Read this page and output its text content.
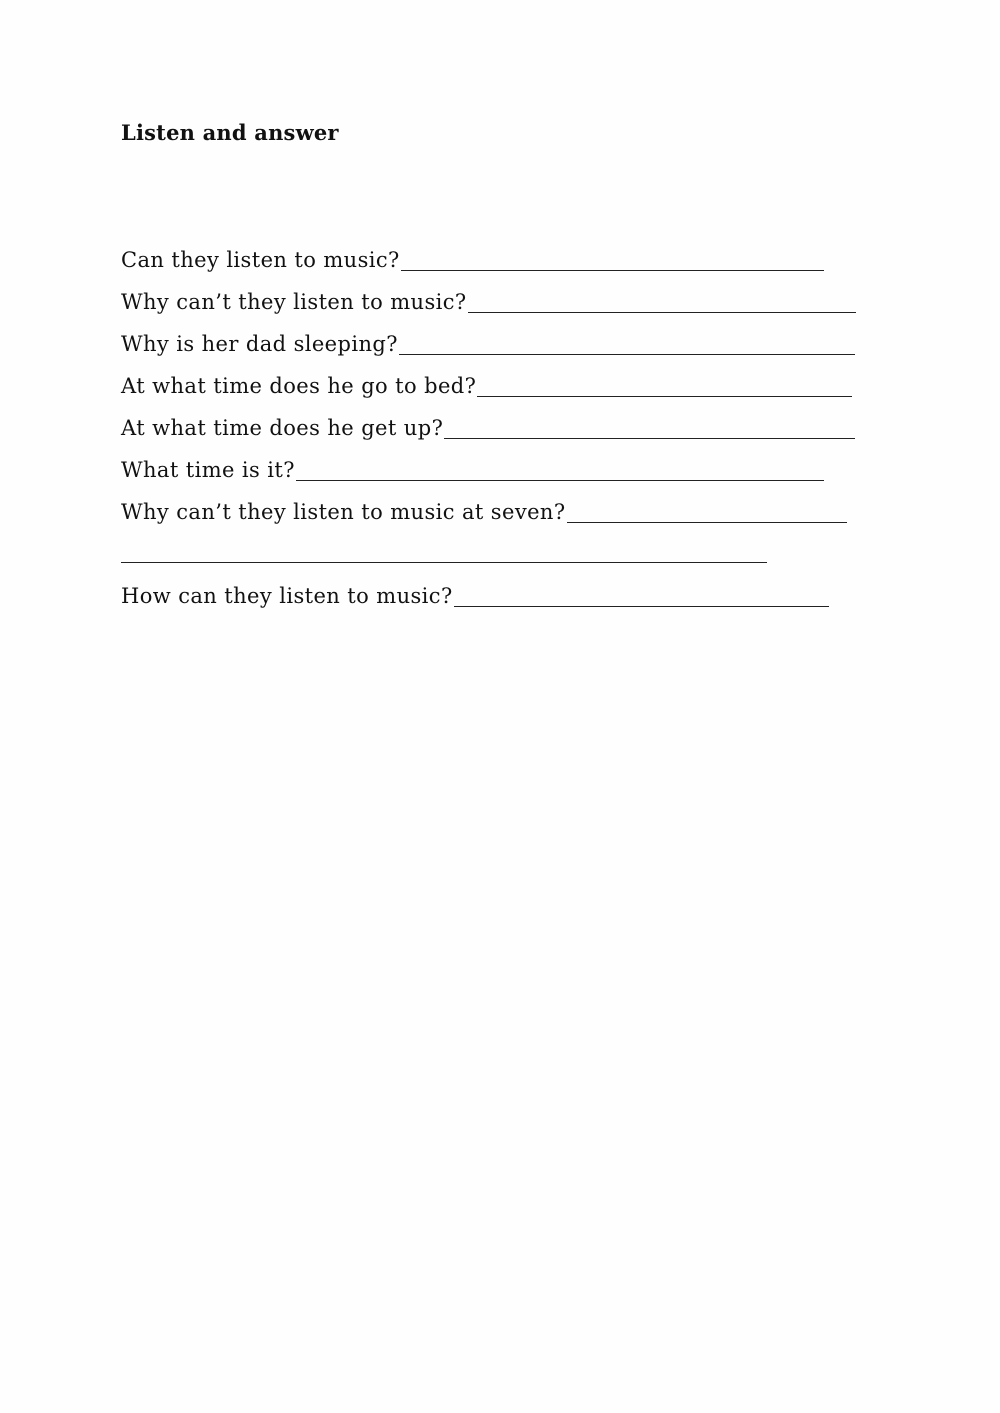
Listen and answer
Can they listen to music?
Why can’t they listen to music?
Why is her dad sleeping?
At what time does he go to bed?
At what time does he get up?
What time is it?
Why can’t they listen to music at seven?
How can they listen to music?
